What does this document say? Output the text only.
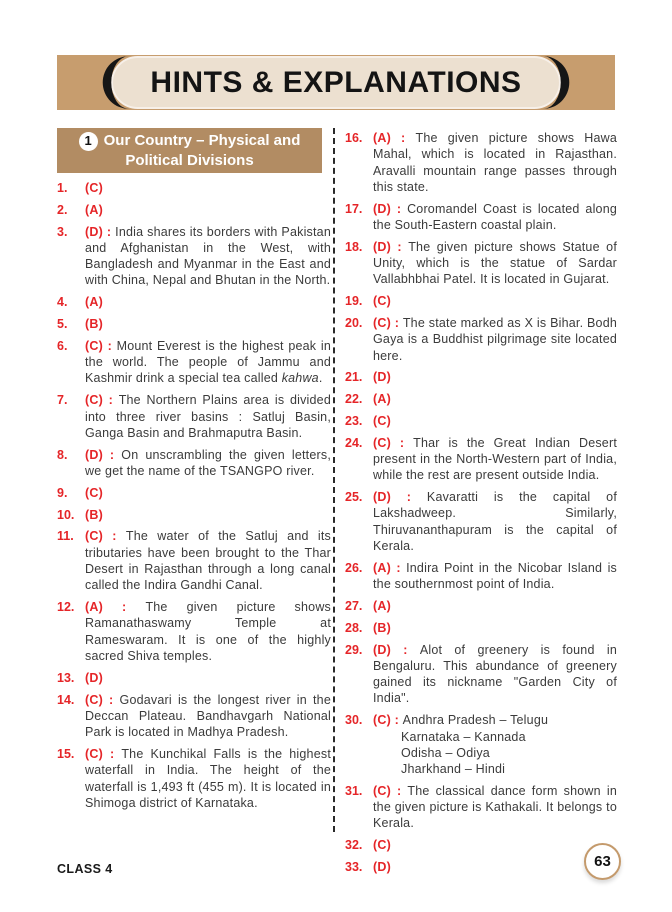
HINTS & EXPLANATIONS
1 Our Country – Physical and
Political Divisions
1.	(C)
2.	(A)
3.	(D) : India shares its borders with Pakistan and Afghanistan in the West, with Bangladesh and Myanmar in the East and with China, Nepal and Bhutan in the North.
4.	(A)
5.	(B)
6.	(C) : Mount Everest is the highest peak in the world. The people of Jammu and Kashmir drink a special tea called kahwa.
7.	(C) : The Northern Plains area is divided into three river basins : Satluj Basin, Ganga Basin and Brahmaputra Basin.
8.	(D) : On unscrambling the given letters, we get the name of the TSANGPO river.
9.	(C)
10. (B)
11. (C) : The water of the Satluj and its tributaries have been brought to the Thar Desert in Rajasthan through a long canal called the Indira Gandhi Canal.
12. (A) : The given picture shows Ramanathaswamy Temple at Rameswaram. It is one of the highly sacred Shiva temples.
13. (D)
14. (C) : Godavari is the longest river in the Deccan Plateau. Bandhavgarh National Park is located in Madhya Pradesh.
15. (C) : The Kunchikal Falls is the highest waterfall in India. The height of the waterfall is 1,493 ft (455 m). It is located in Shimoga district of Karnataka.
16. (A) : The given picture shows Hawa Mahal, which is located in Rajasthan. Aravalli mountain range passes through this state.
17. (D) : Coromandel Coast is located along the South-Eastern coastal plain.
18. (D) : The given picture shows Statue of Unity, which is the statue of Sardar Vallabhbhai Patel. It is located in Gujarat.
19. (C)
20. (C) : The state marked as X is Bihar. Bodh Gaya is a Buddhist pilgrimage site located here.
21. (D)
22. (A)
23. (C)
24. (C) : Thar is the Great Indian Desert present in the North-Western part of India, while the rest are present outside India.
25. (D) : Kavaratti is the capital of Lakshadweep. Similarly, Thiruvananthapuram is the capital of Kerala.
26. (A) : Indira Point in the Nicobar Island is the southernmost point of India.
27. (A)
28. (B)
29. (D) : Alot of greenery is found in Bengaluru. This abundance of greenery gained its nickname "Garden City of India".
30. (C) : Andhra Pradesh – Telugu
Karnataka – Kannada
Odisha – Odiya
Jharkhand – Hindi
31. (C) : The classical dance form shown in the given picture is Kathakali. It belongs to Kerala.
32. (C)
33. (D)
CLASS 4	63
